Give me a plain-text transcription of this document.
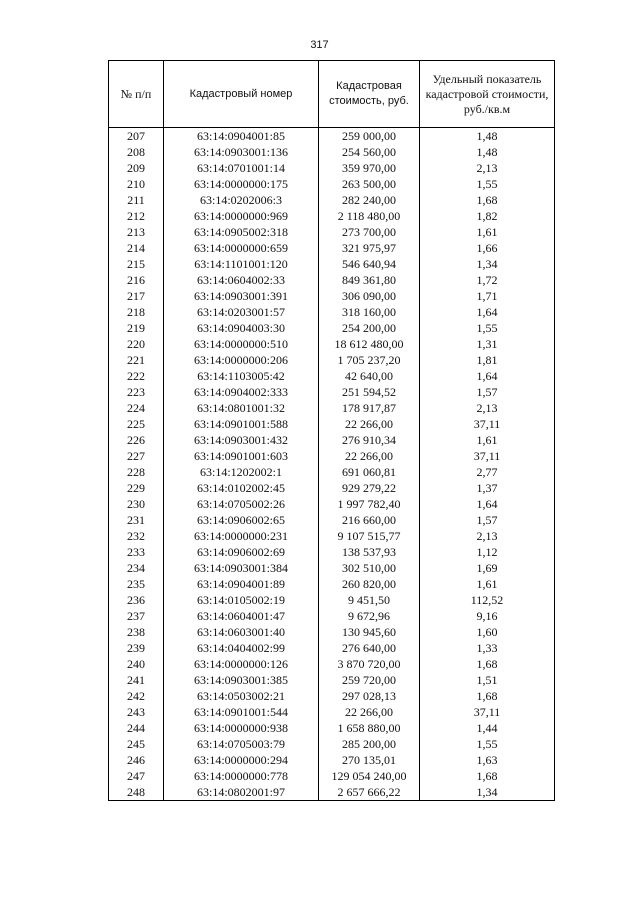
317
№ п/п	Кадастровый номер	Кадастровая стоимость, руб.	Удельный показатель кадастровой стоимости, руб./кв.м
207	63:14:0904001:85	259 000,00	1,48
208	63:14:0903001:136	254 560,00	1,48
209	63:14:0701001:14	359 970,00	2,13
210	63:14:0000000:175	263 500,00	1,55
211	63:14:0202006:3	282 240,00	1,68
212	63:14:0000000:969	2 118 480,00	1,82
213	63:14:0905002:318	273 700,00	1,61
214	63:14:0000000:659	321 975,97	1,66
215	63:14:1101001:120	546 640,94	1,34
216	63:14:0604002:33	849 361,80	1,72
217	63:14:0903001:391	306 090,00	1,71
218	63:14:0203001:57	318 160,00	1,64
219	63:14:0904003:30	254 200,00	1,55
220	63:14:0000000:510	18 612 480,00	1,31
221	63:14:0000000:206	1 705 237,20	1,81
222	63:14:1103005:42	42 640,00	1,64
223	63:14:0904002:333	251 594,52	1,57
224	63:14:0801001:32	178 917,87	2,13
225	63:14:0901001:588	22 266,00	37,11
226	63:14:0903001:432	276 910,34	1,61
227	63:14:0901001:603	22 266,00	37,11
228	63:14:1202002:1	691 060,81	2,77
229	63:14:0102002:45	929 279,22	1,37
230	63:14:0705002:26	1 997 782,40	1,64
231	63:14:0906002:65	216 660,00	1,57
232	63:14:0000000:231	9 107 515,77	2,13
233	63:14:0906002:69	138 537,93	1,12
234	63:14:0903001:384	302 510,00	1,69
235	63:14:0904001:89	260 820,00	1,61
236	63:14:0105002:19	9 451,50	112,52
237	63:14:0604001:47	9 672,96	9,16
238	63:14:0603001:40	130 945,60	1,60
239	63:14:0404002:99	276 640,00	1,33
240	63:14:0000000:126	3 870 720,00	1,68
241	63:14:0903001:385	259 720,00	1,51
242	63:14:0503002:21	297 028,13	1,68
243	63:14:0901001:544	22 266,00	37,11
244	63:14:0000000:938	1 658 880,00	1,44
245	63:14:0705003:79	285 200,00	1,55
246	63:14:0000000:294	270 135,01	1,63
247	63:14:0000000:778	129 054 240,00	1,68
248	63:14:0802001:97	2 657 666,22	1,34
